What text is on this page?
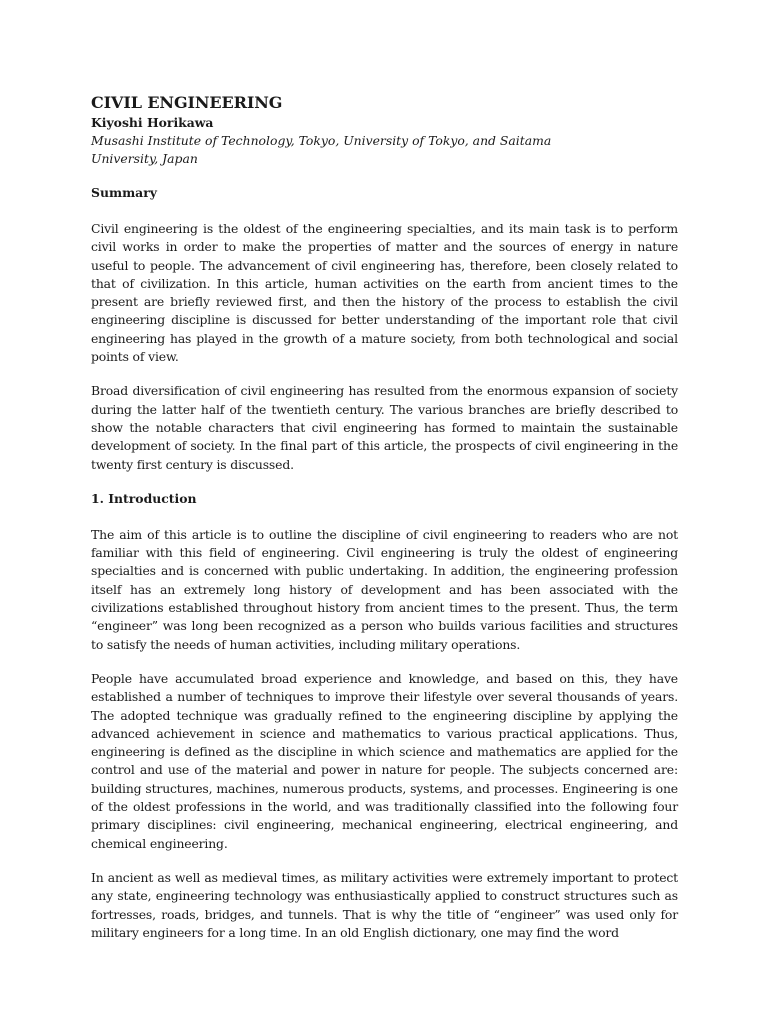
CIVIL ENGINEERING

Kiyoshi Horikawa

Musashi Institute of Technology, Tokyo, University of Tokyo, and Saitama University, Japan

Summary

Civil engineering is the oldest of the engineering specialties, and its main task is to perform civil works in order to make the properties of matter and the sources of energy in nature useful to people. The advancement of civil engineering has, therefore, been closely related to that of civilization. In this article, human activities on the earth from ancient times to the present are briefly reviewed first, and then the history of the process to establish the civil engineering discipline is discussed for better understanding of the important role that civil engineering has played in the growth of a mature society, from both technological and social points of view.

Broad diversification of civil engineering has resulted from the enormous expansion of society during the latter half of the twentieth century. The various branches are briefly described to show the notable characters that civil engineering has formed to maintain the sustainable development of society. In the final part of this article, the prospects of civil engineering in the twenty first century is discussed.

1. Introduction

The aim of this article is to outline the discipline of civil engineering to readers who are not familiar with this field of engineering. Civil engineering is truly the oldest of engineering specialties and is concerned with public undertaking. In addition, the engineering profession itself has an extremely long history of development and has been associated with the civilizations established throughout history from ancient times to the present. Thus, the term “engineer” was long been recognized as a person who builds various facilities and structures to satisfy the needs of human activities, including military operations.

People have accumulated broad experience and knowledge, and based on this, they have established a number of techniques to improve their lifestyle over several thousands of years. The adopted technique was gradually refined to the engineering discipline by applying the advanced achievement in science and mathematics to various practical applications. Thus, engineering is defined as the discipline in which science and mathematics are applied for the control and use of the material and power in nature for people. The subjects concerned are: building structures, machines, numerous products, systems, and processes. Engineering is one of the oldest professions in the world, and was traditionally classified into the following four primary disciplines: civil engineering, mechanical engineering, electrical engineering, and chemical engineering.

In ancient as well as medieval times, as military activities were extremely important to protect any state, engineering technology was enthusiastically applied to construct structures such as fortresses, roads, bridges, and tunnels. That is why the title of “engineer” was used only for military engineers for a long time. In an old English dictionary, one may find the word
